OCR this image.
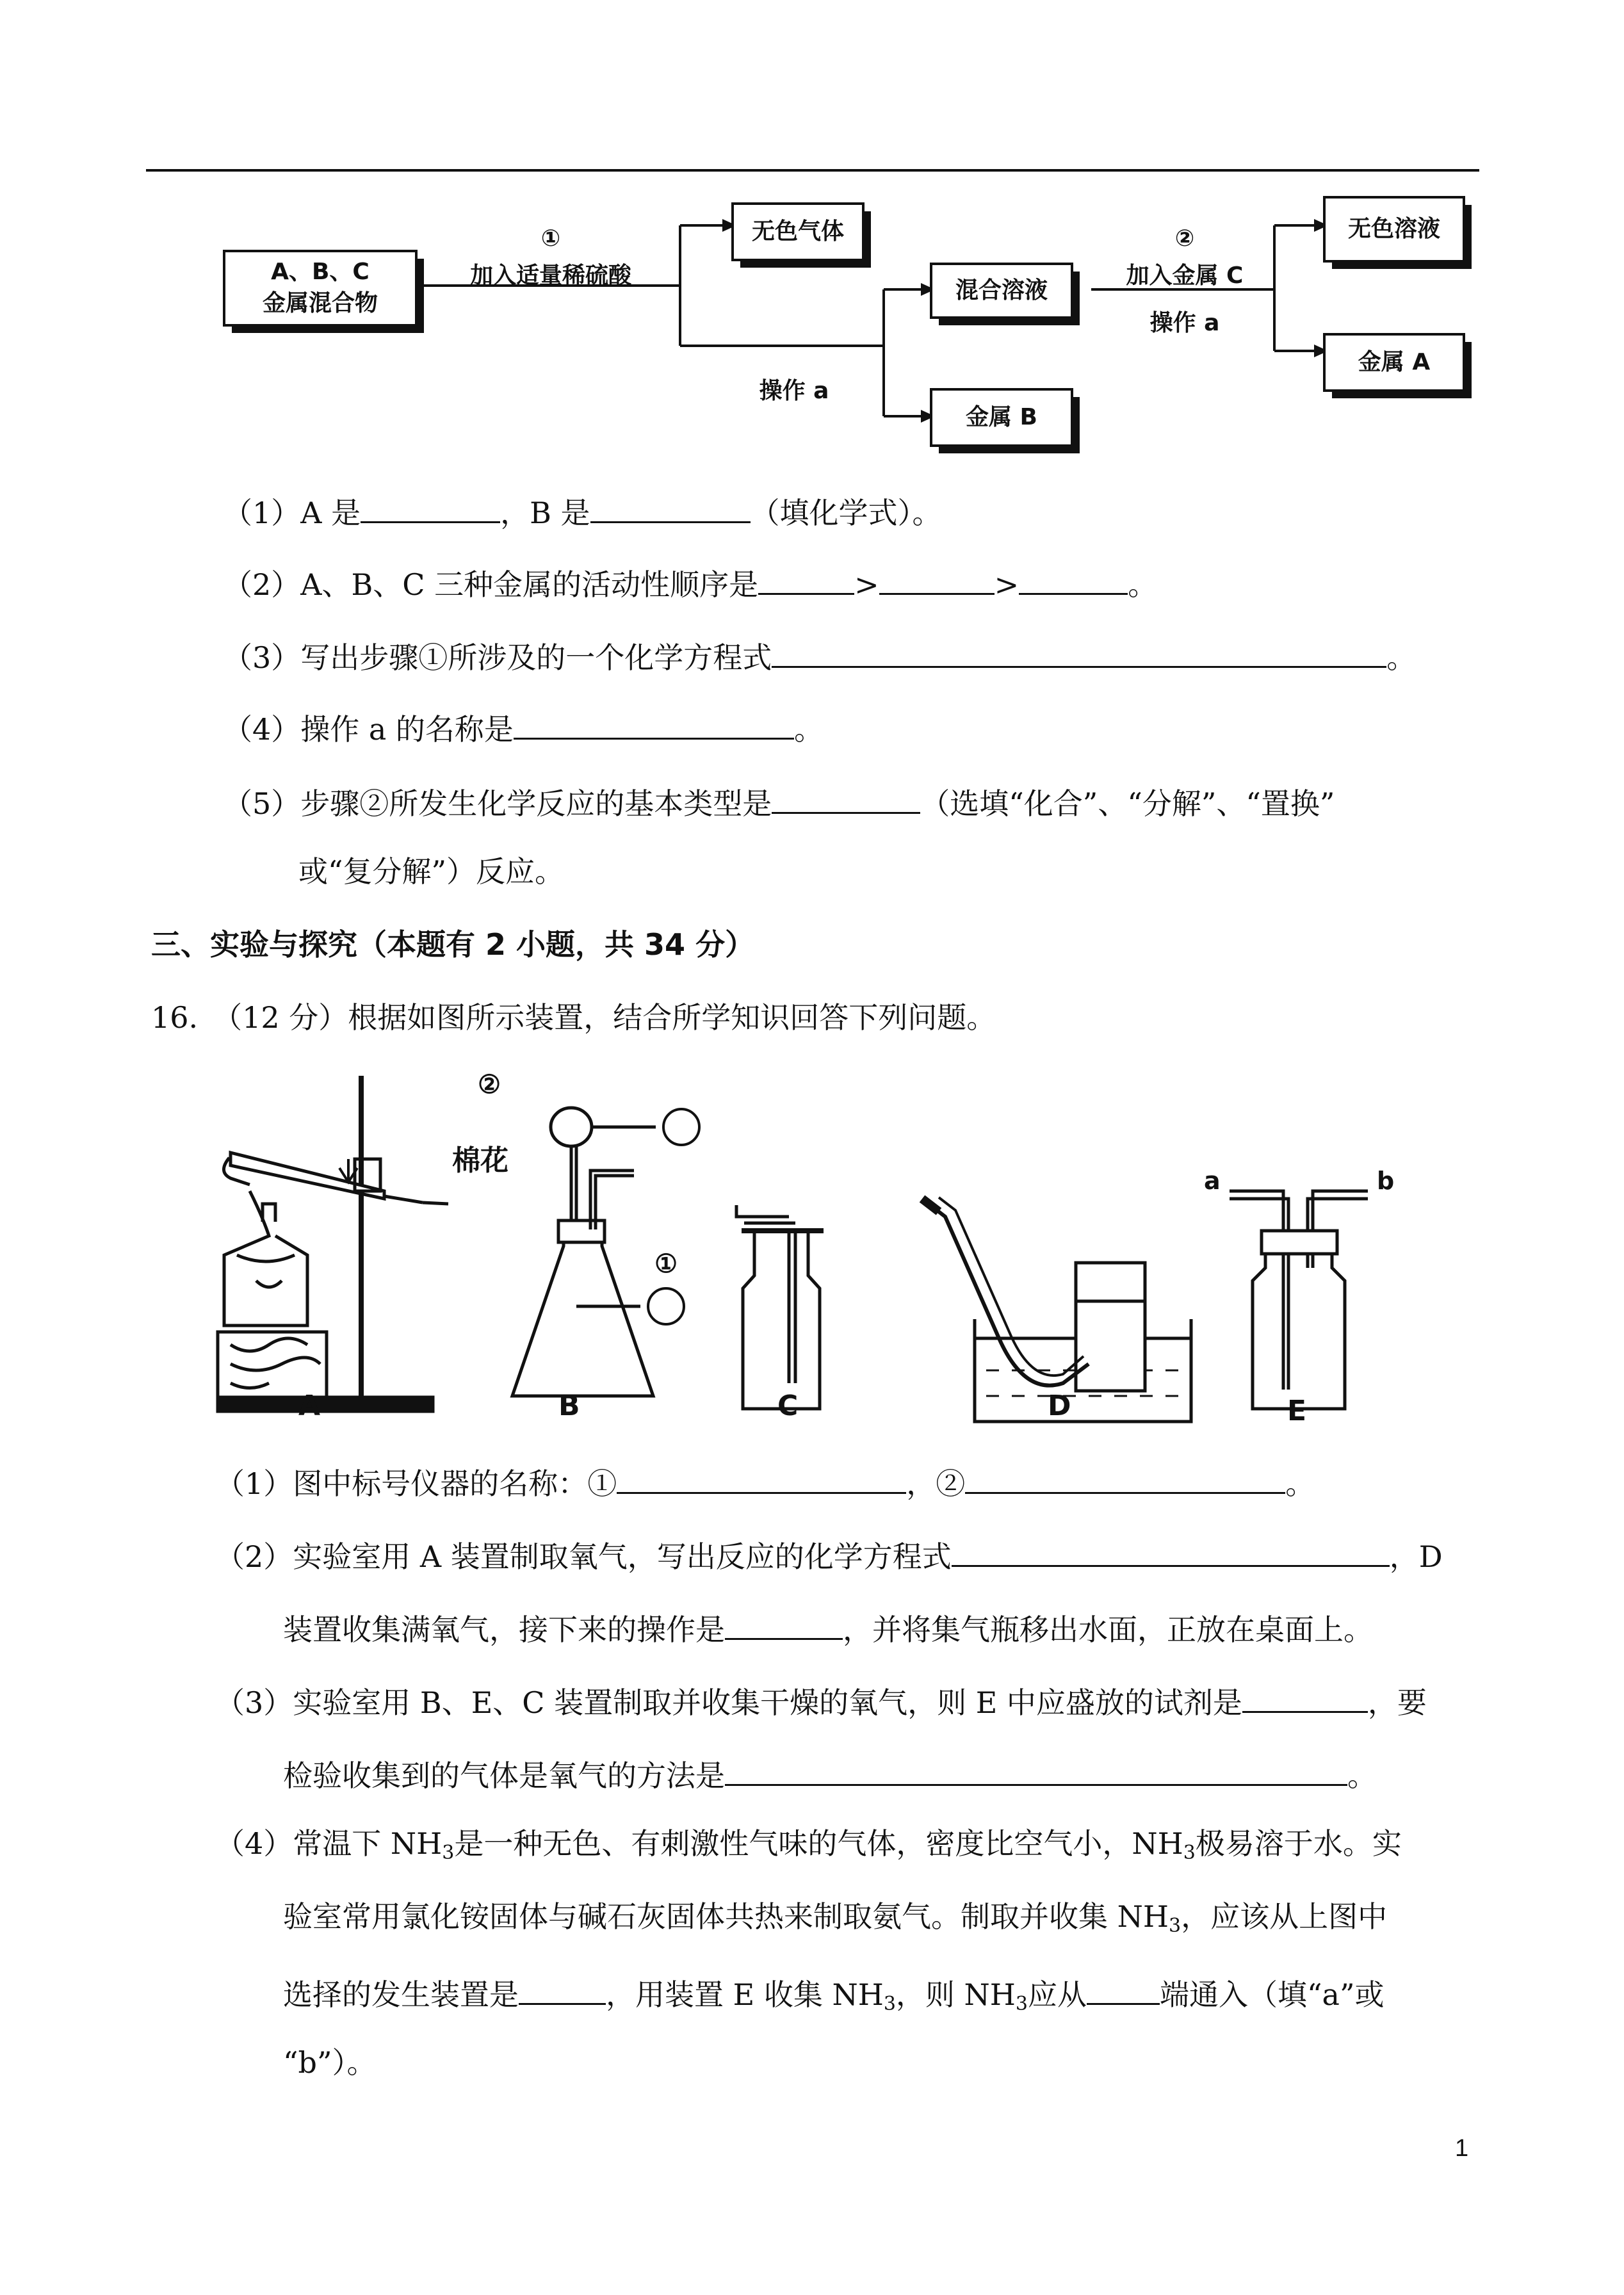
A、B、C
金属混合物
①
加入适量稀硫酸
无色气体
操作 a
混合溶液
金属 B
②
加入金属 C
操作 a
无色溶液
金属 A
（1）A 是	，B 是	（填化学式）。
（2）A、B、C 三种金属的活动性顺序是	>	>	。
（3）写出步骤①所涉及的一个化学方程式	。
（4）操作 a 的名称是	。
（5）步骤②所发生化学反应的基本类型是	（选填“化合”、“分解”、“置换”
或“复分解”）反应。
三、实验与探究（本题有 2 小题，共 34 分）
16.　（12 分）根据如图所示装置，结合所学知识回答下列问题。
②
①
棉花
A	B	C	D	E
a	b
（1）图中标号仪器的名称：①	，②	。
（2）实验室用 A 装置制取氧气，写出反应的化学方程式	，D
装置收集满氧气，接下来的操作是	，并将集气瓶移出水面，正放在桌面上。
（3）实验室用 B、E、C 装置制取并收集干燥的氧气，则 E 中应盛放的试剂是	，要
检验收集到的气体是氧气的方法是	。
（4）常温下 $NH_3$是一种无色、有刺激性气味的气体，密度比空气小，$NH_3$极易溶于水。实
验室常用氯化铵固体与碱石灰固体共热来制取氨气。制取并收集 $NH_3$，应该从上图中
选择的发生装置是	，用装置 E 收集 $NH_3$，则 $NH_3$应从 端通入（填“a”或
“b”）。
1
